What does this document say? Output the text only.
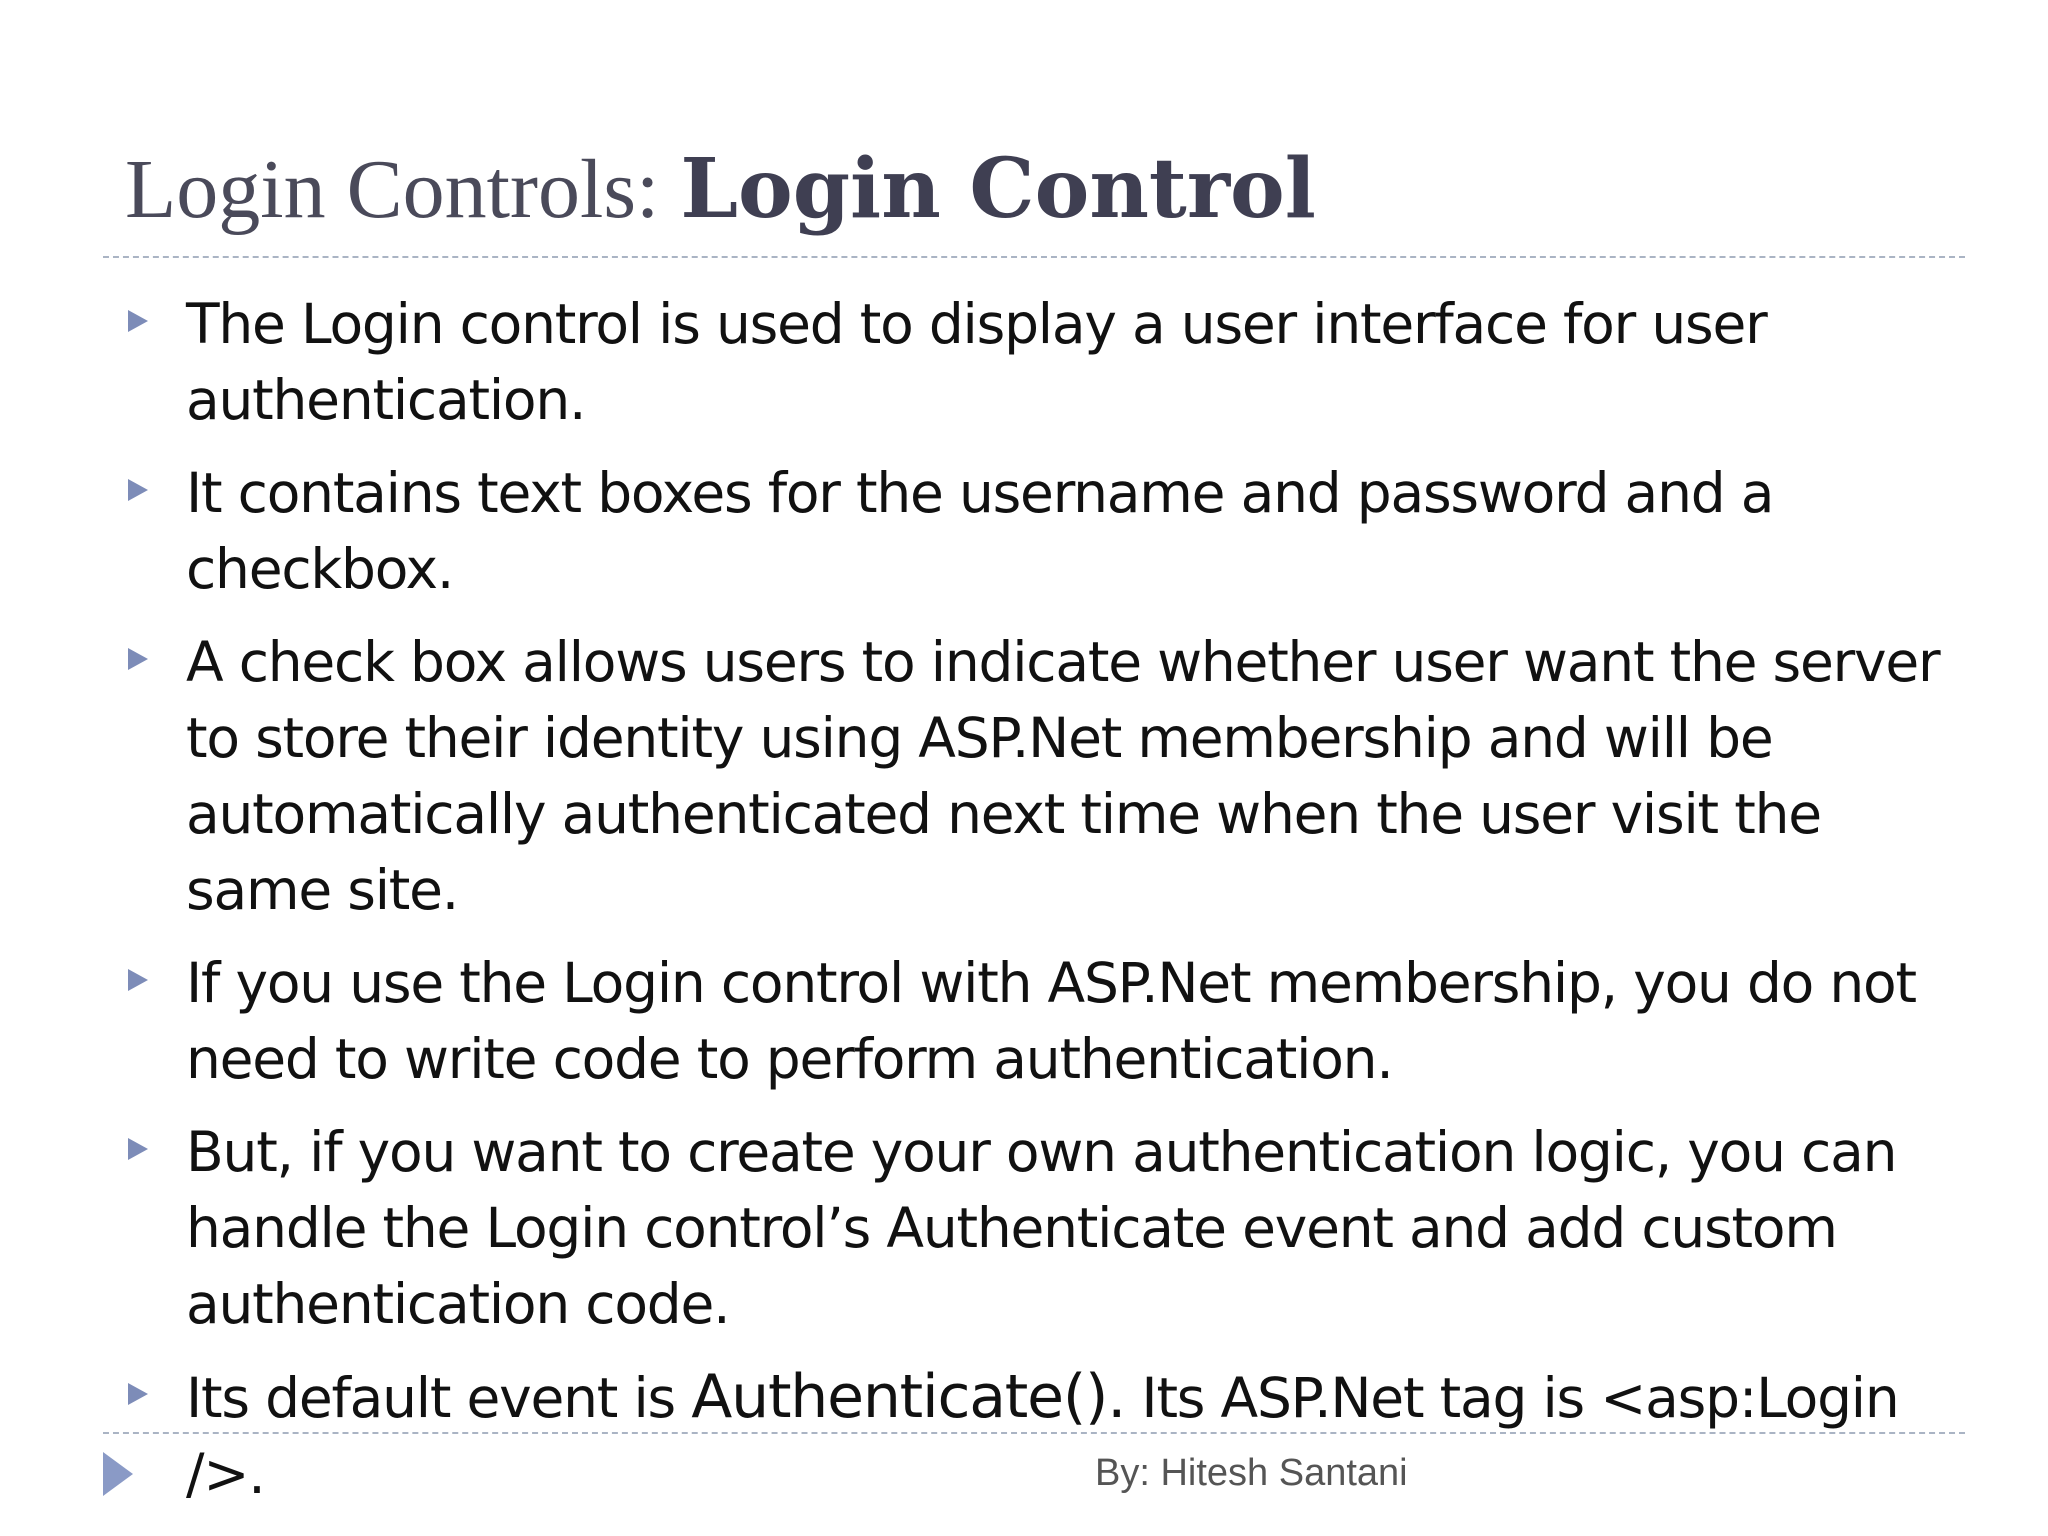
Login Controls: Login Control
The Login control is used to display a user interface for user authentication.
It contains text boxes for the username and password and a checkbox.
A check box allows users to indicate whether user want the server to store their identity using ASP.Net membership and will be automatically authenticated next time when the user visit the same site.
If you use the Login control with ASP.Net membership, you do not need to write code to perform authentication.
But, if you want to create your own authentication logic, you can handle the Login control’s Authenticate event and add custom authentication code.
Its default event is Authenticate(). Its ASP.Net tag is <asp:Login />.	By: Hitesh Santani
